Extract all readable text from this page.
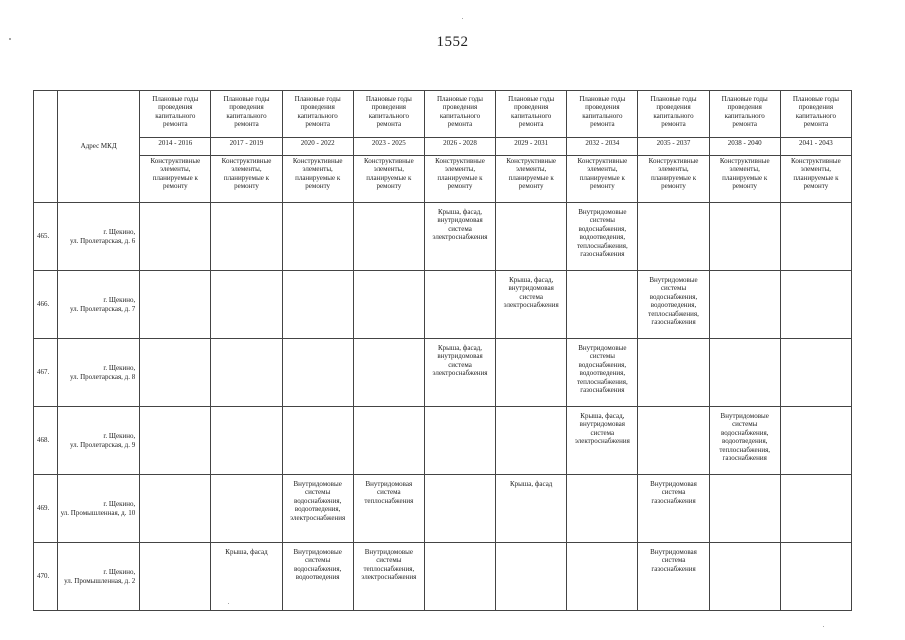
1552
	Адрес МКД	Плановые годы проведения капитального ремонта	Плановые годы проведения капитального ремонта	Плановые годы проведения капитального ремонта	Плановые годы проведения капитального ремонта	Плановые годы проведения капитального ремонта	Плановые годы проведения капитального ремонта	Плановые годы проведения капитального ремонта	Плановые годы проведения капитального ремонта	Плановые годы проведения капитального ремонта	Плановые годы проведения капитального ремонта
		2014 - 2016	2017 - 2019	2020 - 2022	2023 - 2025	2026 - 2028	2029 - 2031	2032 - 2034	2035 - 2037	2038 - 2040	2041 - 2043
		Конструктивные элементы, планируемые к ремонту	Конструктивные элементы, планируемые к ремонту	Конструктивные элементы, планируемые к ремонту	Конструктивные элементы, планируемые к ремонту	Конструктивные элементы, планируемые к ремонту	Конструктивные элементы, планируемые к ремонту	Конструктивные элементы, планируемые к ремонту	Конструктивные элементы, планируемые к ремонту	Конструктивные элементы, планируемые к ремонту	Конструктивные элементы, планируемые к ремонту
465.	г. Щекино,
ул. Пролетарская, д. 6					Крыша, фасад, внутридомовая система электроснабжения		Внутридомовые системы водоснабжения, водоотведения, теплоснабжения, газоснабжения			
466.	г. Щекино,
ул. Пролетарская, д. 7						Крыша, фасад, внутридомовая система электроснабжения		Внутридомовые системы водоснабжения, водоотведения, теплоснабжения, газоснабжения		
467.	г. Щекино,
ул. Пролетарская, д. 8					Крыша, фасад, внутридомовая система электроснабжения		Внутридомовые системы водоснабжения, водоотведения, теплоснабжения, газоснабжения			
468.	г. Щекино,
ул. Пролетарская, д. 9							Крыша, фасад, внутридомовая система электроснабжения		Внутридомовые системы водоснабжения, водоотведения, теплоснабжения, газоснабжения	
469.	г. Щекино,
ул. Промышленная, д. 10			Внутридомовые системы водоснабжения, водоотведения, электроснабжения	Внутридомовая система теплоснабжения		Крыша, фасад		Внутридомовая система газоснабжения		
470.	г. Щекино,
ул. Промышленная, д. 2		Крыша, фасад	Внутридомовые системы водоснабжения, водоотведения	Внутридомовые системы теплоснабжения, электроснабжения				Внутридомовая система газоснабжения		
